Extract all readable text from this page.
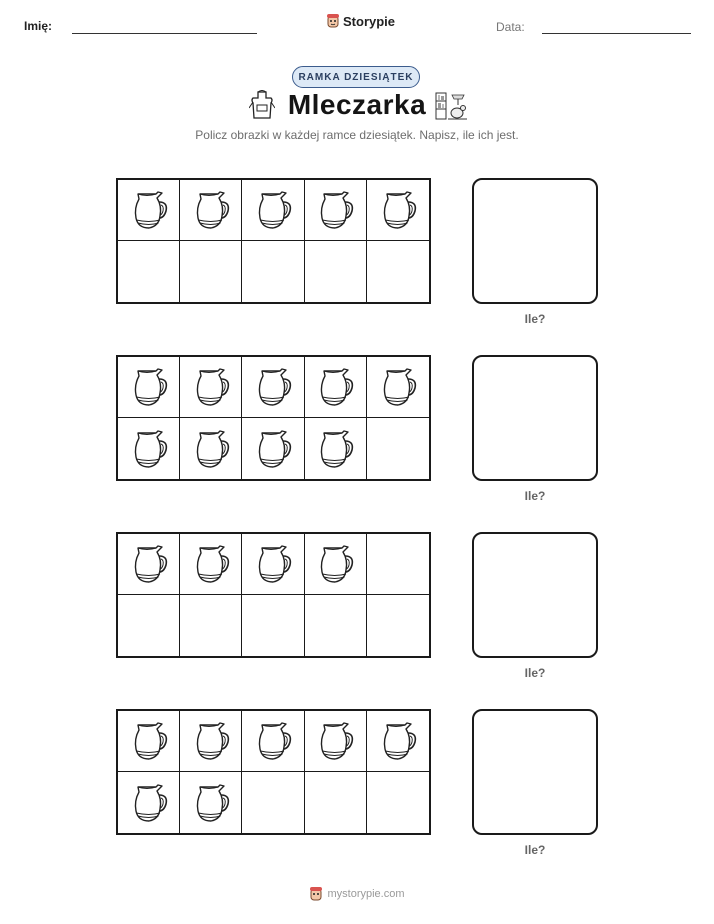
Imię:	Storypie	Data:
RAMKA DZIESIĄTEK
Mleczarka
Policz obrazki w każdej ramce dziesiątek. Napisz, ile ich jest.
Ile?
Ile?
Ile?
Ile?
mystorypie.com
